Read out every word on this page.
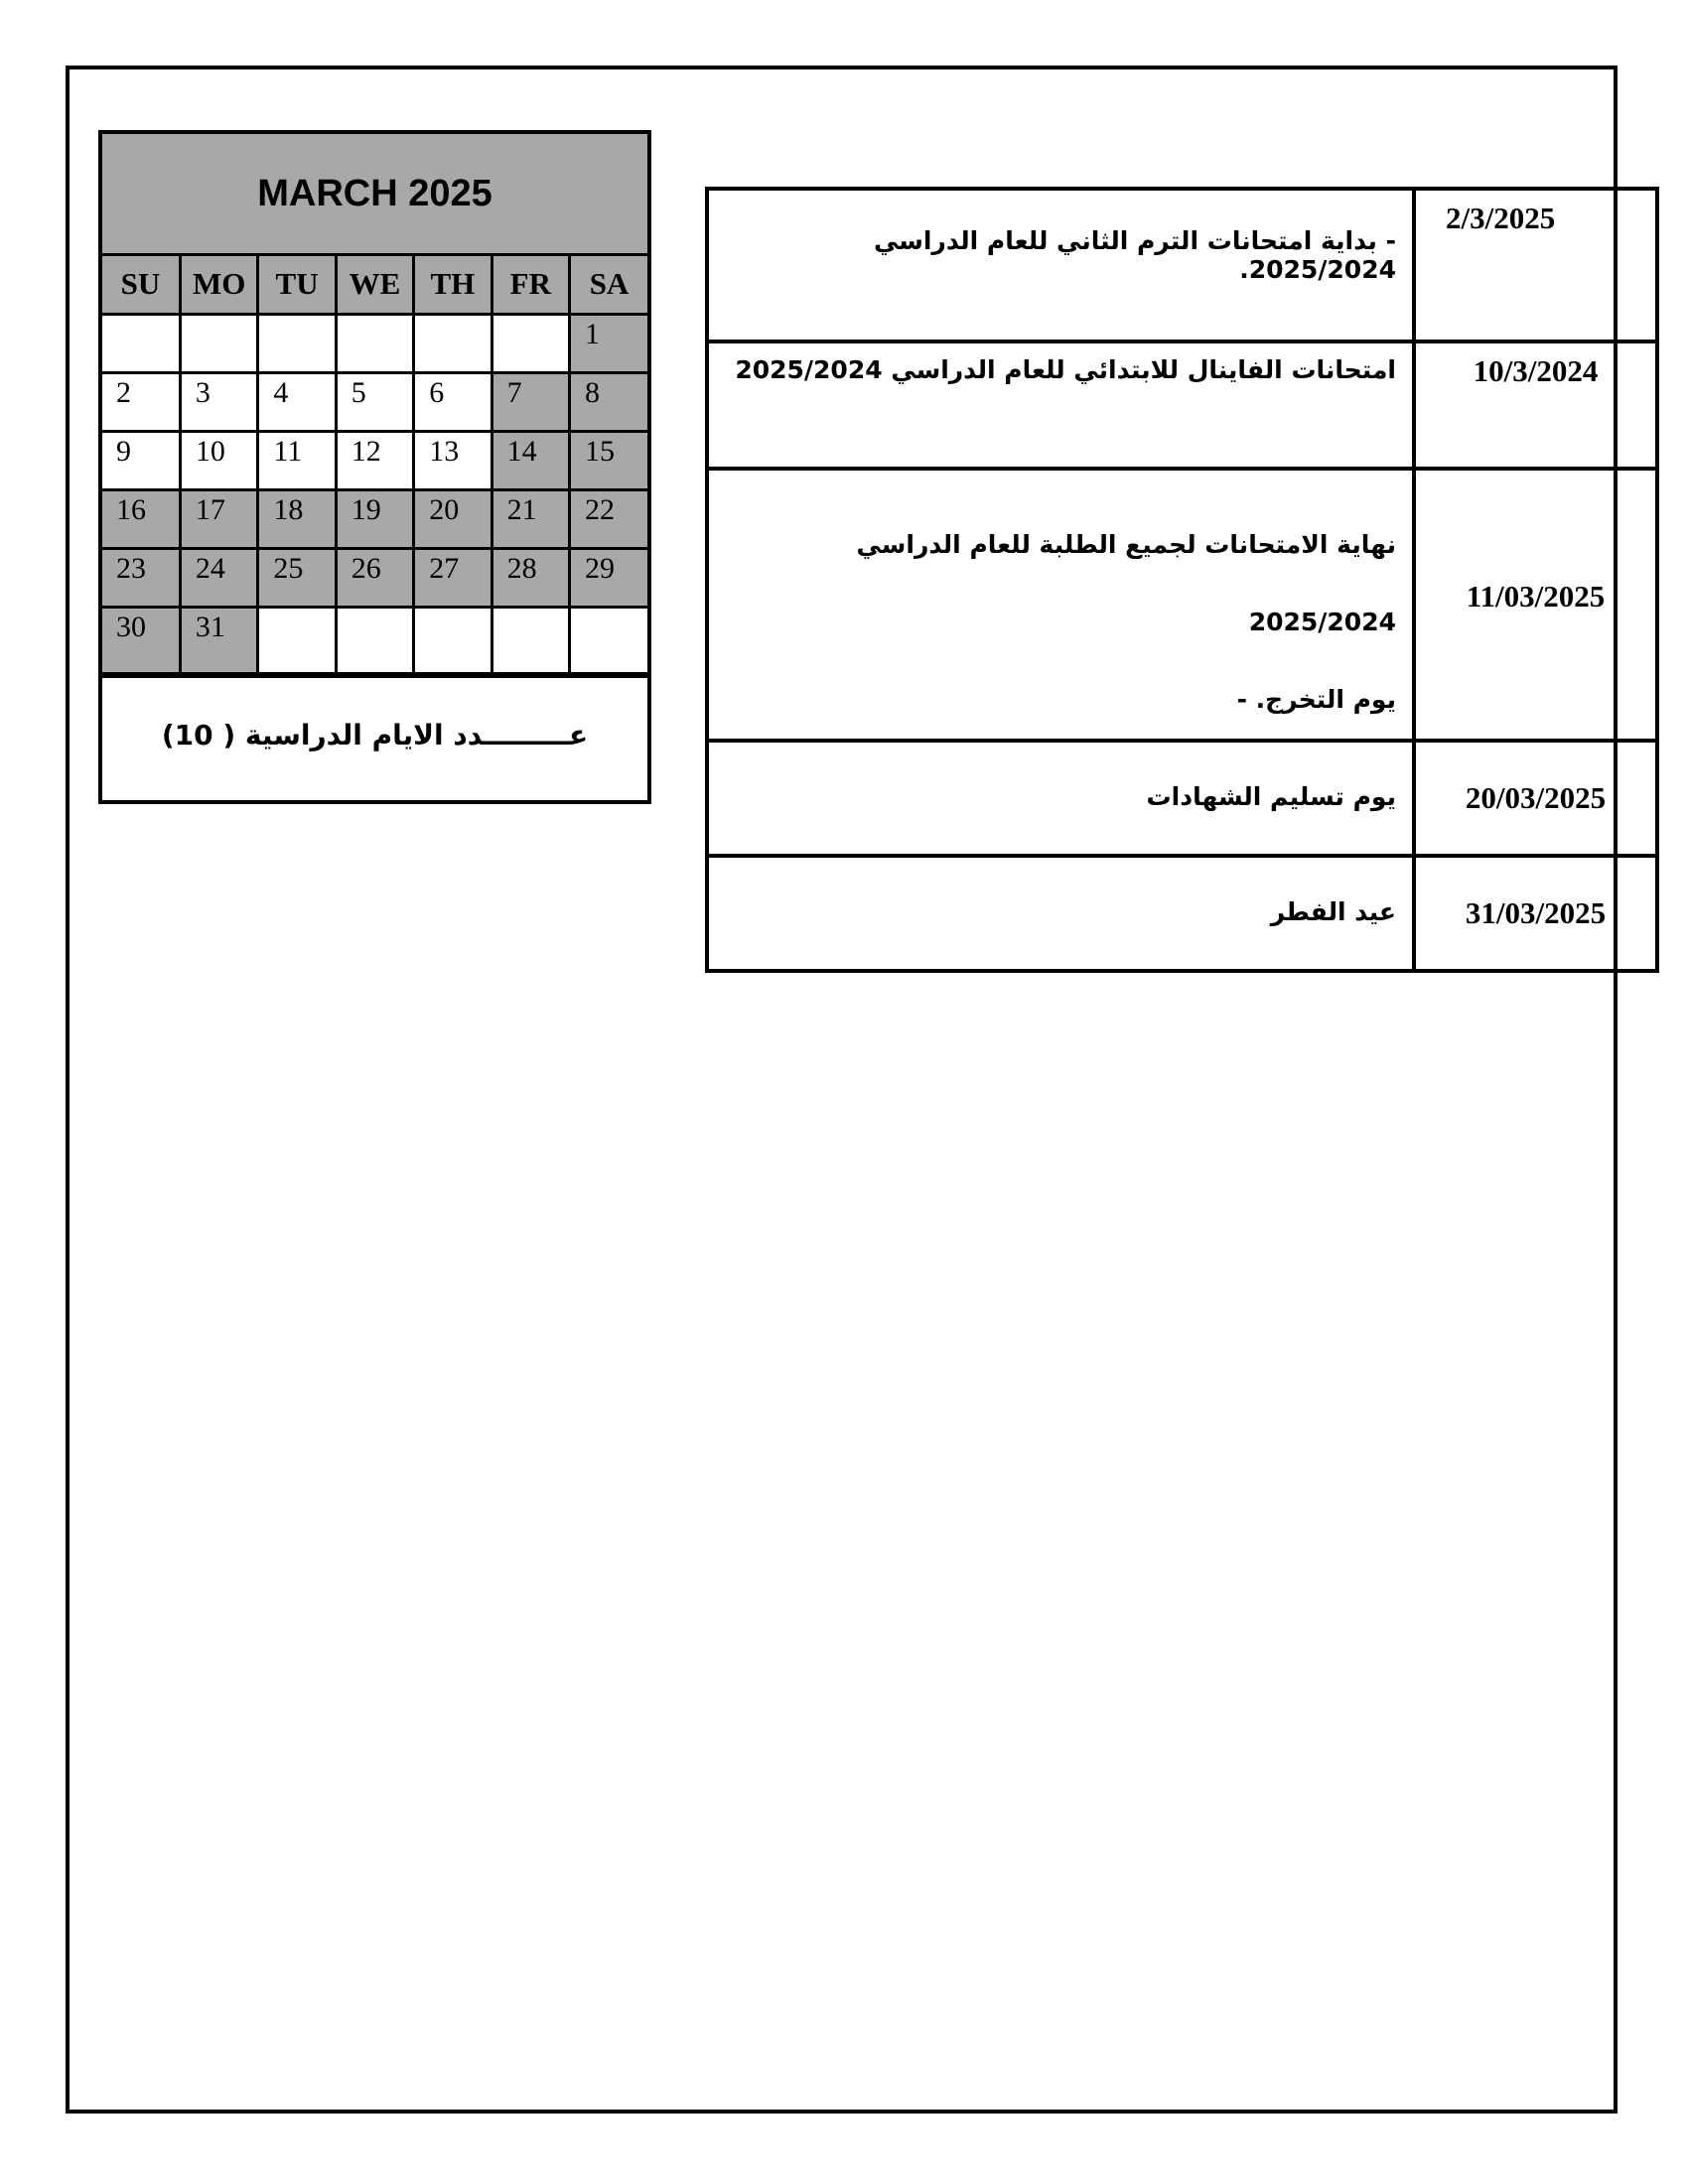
MARCH 2025
SU	MO	TU	WE	TH	FR	SA
						1
2	3	4	5	6	7	8
9	10	11	12	13	14	15
16	17	18	19	20	21	22
23	24	25	26	27	28	29
30	31					
عـــــــــدد الايام الدراسية ( 10)
- بداية امتحانات الترم الثاني للعام الدراسي 2025/2024.	2/3/2025

امتحانات الفاينال للابتدائي للعام الدراسي 2025/2024	10/3/2024

نهاية الامتحانات لجميع الطلبة للعام الدراسي 2025/2024
يوم التخرج. -	11/03/2025

يوم تسليم الشهادات	20/03/2025

عيد الفطر	31/03/2025
